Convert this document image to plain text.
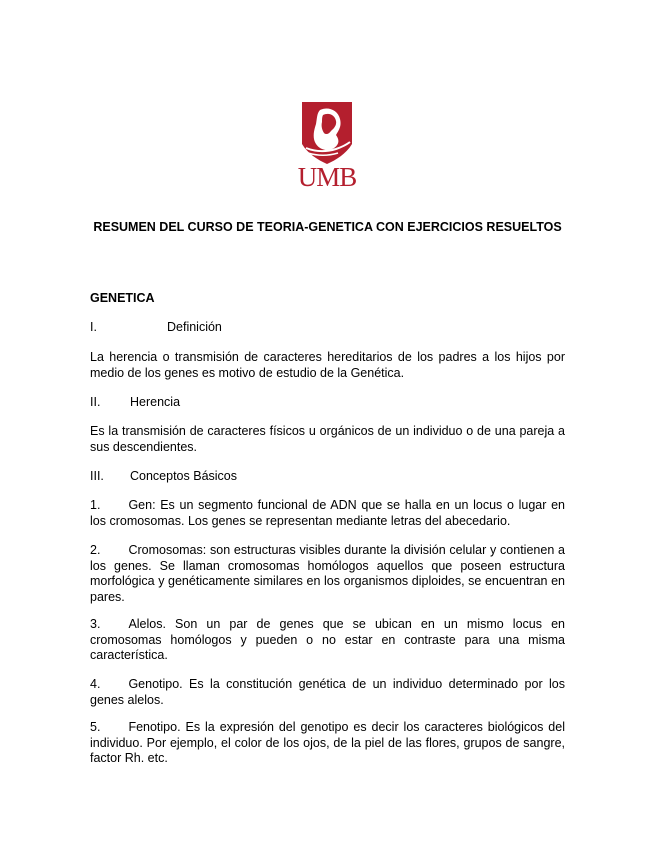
UMB
RESUMEN DEL CURSO DE TEORIA-GENETICA CON EJERCICIOS RESUELTOS
GENETICA
I.	Definición
La herencia o transmisión de caracteres hereditarios de los padres a los hijos por medio de los genes es motivo de estudio de la Genética.
II. Herencia
Es la transmisión de caracteres físicos u orgánicos de un individuo o de una pareja a sus descendientes.
III. Conceptos Básicos
1. Gen: Es un segmento funcional de ADN que se halla en un locus o lugar en los cromosomas. Los genes se representan mediante letras del abecedario.
2. Cromosomas: son estructuras visibles durante la división celular y contienen a los genes. Se llaman cromosomas homólogos aquellos que poseen estructura morfológica y genéticamente similares en los organismos diploides, se encuentran en pares.
3. Alelos. Son un par de genes que se ubican en un mismo locus en cromosomas homólogos y pueden o no estar en contraste para una misma característica.
4. Genotipo. Es la constitución genética de un individuo determinado por los genes alelos.
5. Fenotipo. Es la expresión del genotipo es decir los caracteres biológicos del individuo. Por ejemplo, el color de los ojos, de la piel de las flores, grupos de sangre, factor Rh. etc.
